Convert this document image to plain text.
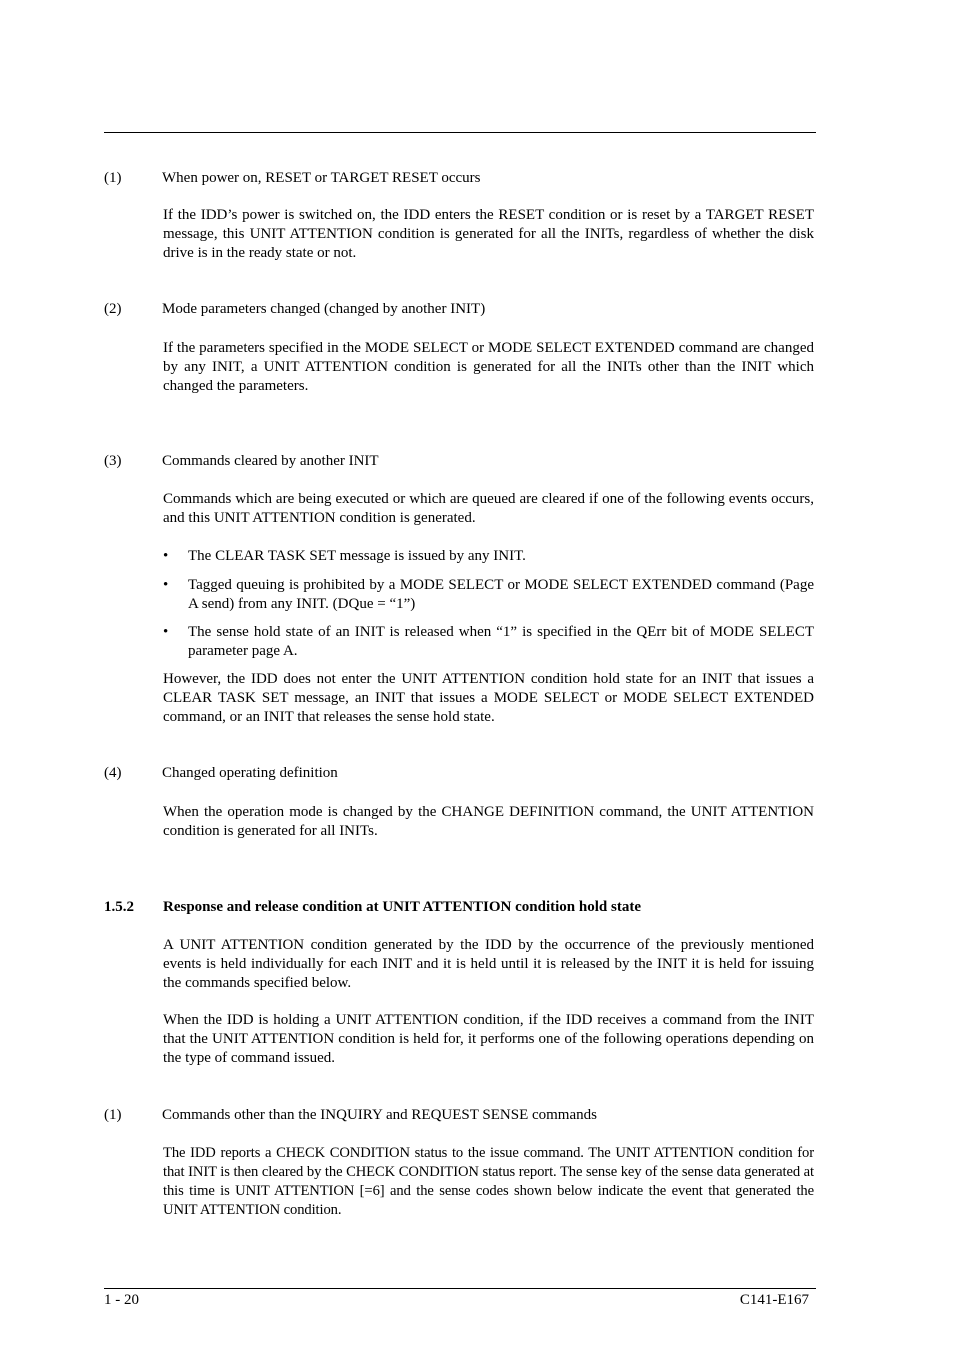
(1)	When power on, RESET or TARGET RESET occurs

If the IDD’s power is switched on, the IDD enters the RESET condition or is reset by a TARGET RESET message, this UNIT ATTENTION condition is generated for all the INITs, regardless of whether the disk drive is in the ready state or not.

(2)	Mode parameters changed (changed by another INIT)

If the parameters specified in the MODE SELECT or MODE SELECT EXTENDED command are changed by any INIT, a UNIT ATTENTION condition is generated for all the INITs other than the INIT which changed the parameters.

(3)	Commands cleared by another INIT

Commands which are being executed or which are queued are cleared if one of the following events occurs, and this UNIT ATTENTION condition is generated.

• The CLEAR TASK SET message is issued by any INIT.
• Tagged queuing is prohibited by a MODE SELECT or MODE SELECT EXTENDED command (Page A send) from any INIT. (DQue = “1”)
• The sense hold state of an INIT is released when “1” is specified in the QErr bit of MODE SELECT parameter page A.

However, the IDD does not enter the UNIT ATTENTION condition hold state for an INIT that issues a CLEAR TASK SET message, an INIT that issues a MODE SELECT or MODE SELECT EXTENDED command, or an INIT that releases the sense hold state.

(4)	Changed operating definition

When the operation mode is changed by the CHANGE DEFINITION command, the UNIT ATTENTION condition is generated for all INITs.

1.5.2 Response and release condition at UNIT ATTENTION condition hold state

A UNIT ATTENTION condition generated by the IDD by the occurrence of the previously mentioned events is held individually for each INIT and it is held until it is released by the INIT it is held for issuing the commands specified below.

When the IDD is holding a UNIT ATTENTION condition, if the IDD receives a command from the INIT that the UNIT ATTENTION condition is held for, it performs one of the following operations depending on the type of command issued.

(1)	Commands other than the INQUIRY and REQUEST SENSE commands

The IDD reports a CHECK CONDITION status to the issue command. The UNIT ATTENTION condition for that INIT is then cleared by the CHECK CONDITION status report. The sense key of the sense data generated at this time is UNIT ATTENTION [=6] and the sense codes shown below indicate the event that generated the UNIT ATTENTION condition.

1 - 20	C141-E167
